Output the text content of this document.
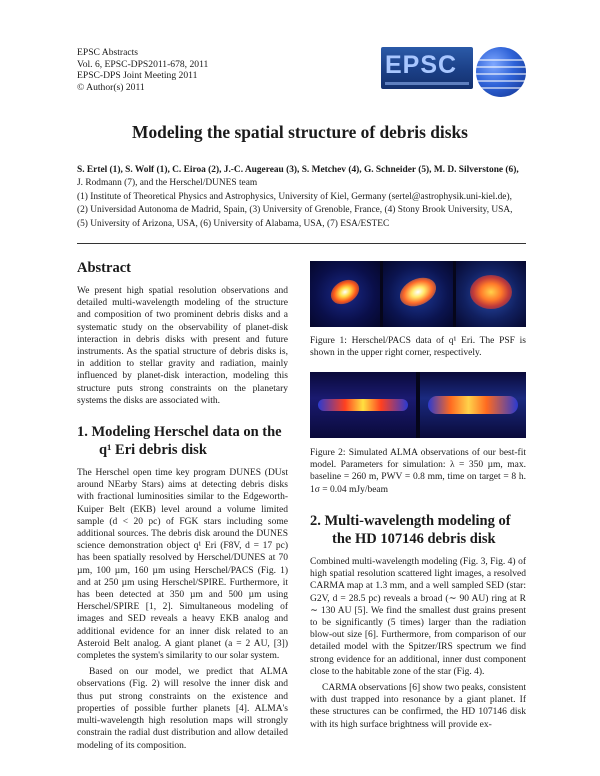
EPSC Abstracts
Vol. 6, EPSC-DPS2011-678, 2011
EPSC-DPS Joint Meeting 2011
© Author(s) 2011
EPSC
Modeling the spatial structure of debris disks
S. Ertel (1), S. Wolf (1), C. Eiroa (2), J.-C. Augereau (3), S. Metchev (4), G. Schneider (5), M. D. Silverstone (6),
J. Rodmann (7), and the Herschel/DUNES team
(1) Institute of Theoretical Physics and Astrophysics, University of Kiel, Germany (sertel@astrophysik.uni-kiel.de),
(2) Universidad Autonoma de Madrid, Spain, (3) University of Grenoble, France, (4) Stony Brook University, USA,
(5) University of Arizona, USA, (6) University of Alabama, USA, (7) ESA/ESTEC
Abstract

We present high spatial resolution observations and detailed multi-wavelength modeling of the structure and composition of two prominent debris disks and a systematic study on the observability of planet-disk interaction in debris disks with present and future instruments. As the spatial structure of debris disks is, in addition to stellar gravity and radiation, mainly influenced by planet-disk interaction, modeling this structure puts strong constraints on the planetary systems the disks are associated with.

1. Modeling Herschel data on the
q¹ Eri debris disk

The Herschel open time key program DUNES (DUst around NEarby Stars) aims at detecting debris disks with fractional luminosities similar to the Edgeworth-Kuiper Belt (EKB) level around a volume limited sample (d < 20 pc) of FGK stars including some additional sources. The debris disk around the DUNES science demonstration object q¹ Eri (F8V, d = 17 pc) has been spatially resolved by Herschel/DUNES at 70 µm, 100 µm, 160 µm using Herschel/PACS (Fig. 1) and at 250 µm using Herschel/SPIRE. Furthermore, it has been detected at 350 µm and 500 µm using Herschel/SPIRE [1, 2]. Simultaneous modeling of images and SED reveals a heavy EKB analog and additional evidence for an inner disk related to an Asteroid Belt analog. A giant planet (a = 2 AU, [3]) completes the system's similarity to our solar system.

Based on our model, we predict that ALMA observations (Fig. 2) will resolve the inner disk and thus put strong constraints on the existence and properties of possible further planets [4]. ALMA's multi-wavelength high resolution maps will strongly constrain the radial dust distribution and allow detailed modeling of its composition.

Figure 1: Herschel/PACS data of q¹ Eri. The PSF is shown in the upper right corner, respectively.
Figure 2: Simulated ALMA observations of our best-fit model. Parameters for simulation: λ = 350 µm, max. baseline = 260 m, PWV = 0.8 mm, time on target = 8 h. 1σ = 0.04 mJy/beam
2. Multi-wavelength modeling of
the HD 107146 debris disk

Combined multi-wavelength modeling (Fig. 3, Fig. 4) of high spatial resolution scattered light images, a resolved CARMA map at 1.3 mm, and a well sampled SED (star: G2V, d = 28.5 pc) reveals a broad (∼ 90 AU) ring at R ∼ 130 AU [5]. We find the smallest dust grains present to be significantly (5 times) larger than the radiation blow-out size [6]. Furthermore, from comparison of our detailed model with the Spitzer/IRS spectrum we find strong evidence for an additional, inner dust component close to the habitable zone of the star (Fig. 4).

CARMA observations [6] show two peaks, consistent with dust trapped into resonance by a giant planet. If these structures can be confirmed, the HD 107146 disk with its high surface brightness will provide ex-
